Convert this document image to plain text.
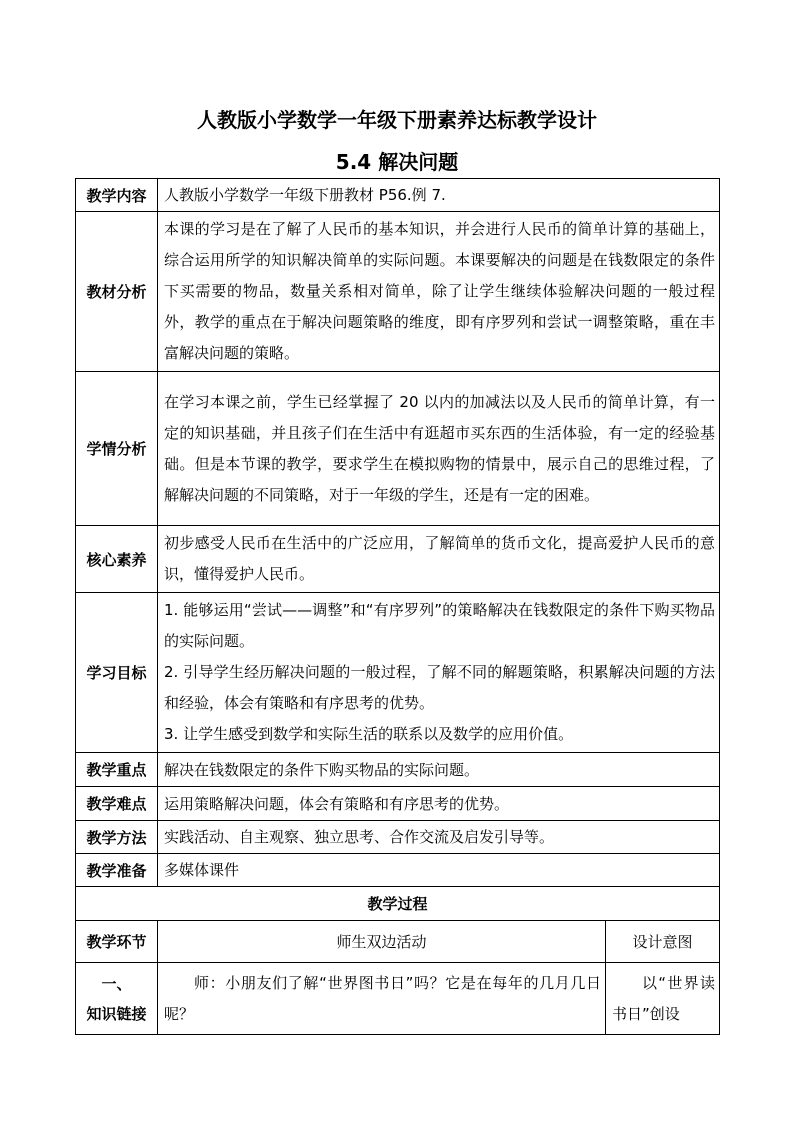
人教版小学数学一年级下册素养达标教学设计
5.4 解决问题
教学内容	人教版小学数学一年级下册教材 P56.例 7.	
教材分析	本课的学习是在了解了人民币的基本知识，并会进行人民币的简单计算的基础上，综合运用所学的知识解决简单的实际问题。本课要解决的问题是在钱数限定的条件下买需要的物品，数量关系相对简单，除了让学生继续体验解决问题的一般过程外，教学的重点在于解决问题策略的维度，即有序罗列和尝试一调整策略，重在丰富解决问题的策略。	
学情分析	在学习本课之前，学生已经掌握了 20 以内的加减法以及人民币的简单计算，有一定的知识基础，并且孩子们在生活中有逛超市买东西的生活体验，有一定的经验基础。但是本节课的教学，要求学生在模拟购物的情景中，展示自己的思维过程，了解解决问题的不同策略，对于一年级的学生，还是有一定的困难。	
核心素养	初步感受人民币在生活中的广泛应用，了解简单的货币文化，提高爱护人民币的意识，懂得爱护人民币。	
学习目标	1. 能够运用“尝试——调整”和“有序罗列”的策略解决在钱数限定的条件下购买物品的实际问题。

2. 引导学生经历解决问题的一般过程，了解不同的解题策略，积累解决问题的方法和经验，体会有策略和有序思考的优势。

3. 让学生感受到数学和实际生活的联系以及数学的应用价值。	

教学重点	解决在钱数限定的条件下购买物品的实际问题。	
教学难点	运用策略解决问题，体会有策略和有序思考的优势。	
教学方法	实践活动、自主观察、独立思考、合作交流及启发引导等。	
教学准备	多媒体课件	
教学过程		
教学环节	师生双边活动	设计意图

一、
知识链接	师：小朋友们了解“世界图书日”吗？它是在每年的几月几日呢？	以“世界读书日”创设
